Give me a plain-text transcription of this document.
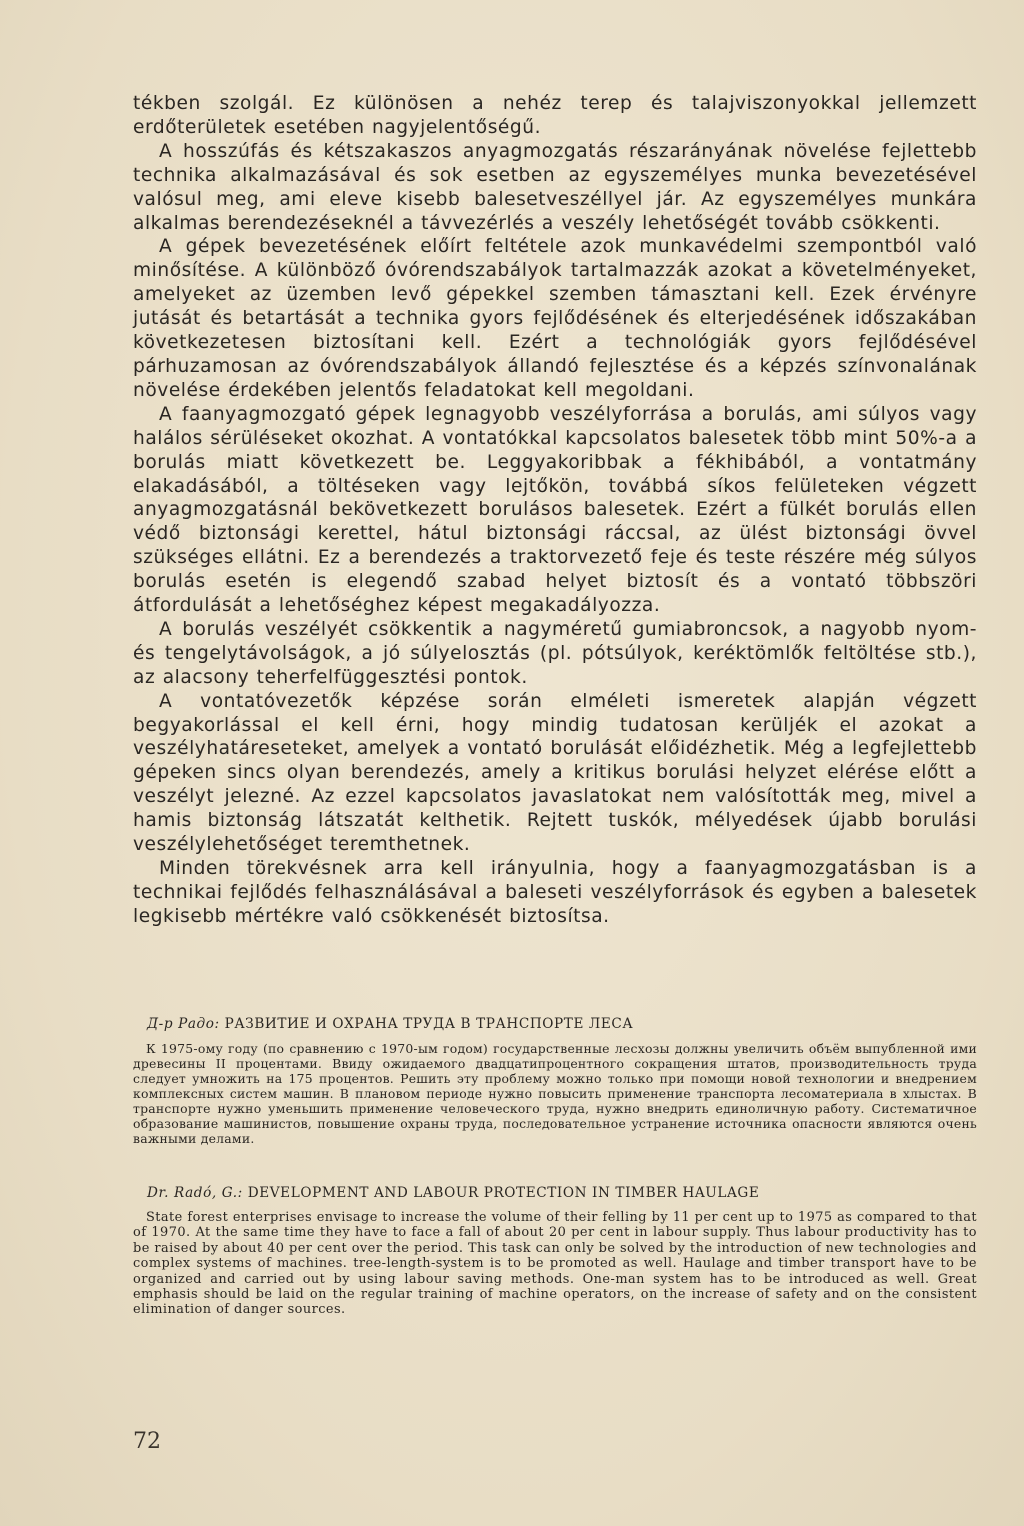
tékben szolgál. Ez különösen a nehéz terep és talajviszonyokkal jellemzett erdőterületek esetében nagyjelentőségű.

A hosszúfás és kétszakaszos anyagmozgatás részarányának növelése fejlettebb technika alkalmazásával és sok esetben az egyszemélyes munka bevezetésével valósul meg, ami eleve kisebb balesetveszéllyel jár. Az egyszemélyes munkára alkalmas berendezéseknél a távvezérlés a veszély lehetőségét tovább csökkenti.

A gépek bevezetésének előírt feltétele azok munkavédelmi szempontból való minősítése. A különböző óvórendszabályok tartalmazzák azokat a követelményeket, amelyeket az üzemben levő gépekkel szemben támasztani kell. Ezek érvényre jutását és betartását a technika gyors fejlődésének és elterjedésének időszakában következetesen biztosítani kell. Ezért a technológiák gyors fejlődésével párhuzamosan az óvórendszabályok állandó fejlesztése és a képzés színvonalának növelése érdekében jelentős feladatokat kell megoldani.

A faanyagmozgató gépek legnagyobb veszélyforrása a borulás, ami súlyos vagy halálos sérüléseket okozhat. A vontatókkal kapcsolatos balesetek több mint 50%-a a borulás miatt következett be. Leggyakoribbak a fékhibából, a vontatmány elakadásából, a töltéseken vagy lejtőkön, továbbá síkos felületeken végzett anyagmozgatásnál bekövetkezett borulásos balesetek. Ezért a fülkét borulás ellen védő biztonsági kerettel, hátul biztonsági ráccsal, az ülést biztonsági övvel szükséges ellátni. Ez a berendezés a traktorvezető feje és teste részére még súlyos borulás esetén is elegendő szabad helyet biztosít és a vontató többszöri átfordulását a lehetőséghez képest megakadályozza.

A borulás veszélyét csökkentik a nagyméretű gumiabroncsok, a nagyobb nyom- és tengelytávolságok, a jó súlyelosztás (pl. pótsúlyok, keréktömlők feltöltése stb.), az alacsony teherfelfüggesztési pontok.

A vontatóvezetők képzése során elméleti ismeretek alapján végzett begyakorlással el kell érni, hogy mindig tudatosan kerüljék el azokat a veszélyhatáreseteket, amelyek a vontató borulását előidézhetik. Még a legfejlettebb gépeken sincs olyan berendezés, amely a kritikus borulási helyzet elérése előtt a veszélyt jelezné. Az ezzel kapcsolatos javaslatokat nem valósították meg, mivel a hamis biztonság látszatát kelthetik. Rejtett tuskók, mélyedések újabb borulási veszélylehetőséget teremthetnek.

Minden törekvésnek arra kell irányulnia, hogy a faanyagmozgatásban is a technikai fejlődés felhasználásával a baleseti veszélyforrások és egyben a balesetek legkisebb mértékre való csökkenését biztosítsa.

Д-р Радо: РАЗВИТИЕ И ОХРАНА ТРУДА В ТРАНСПОРТЕ ЛЕСА

К 1975-ому году (по сравнению с 1970-ым годом) государственные лесхозы должны увеличить объём выпубленной ими древесины II процентами. Ввиду ожидаемого двадцатипроцентного сокращения штатов, производительность труда следует умножить на 175 процентов. Решить эту проблему можно только при помощи новой технологии и внедрением комплексных систем машин. В плановом периоде нужно повысить применение транспорта лесоматериала в хлыстах. В транспорте нужно уменьшить применение человеческого труда, нужно внедрить единоличную работу. Систематичное образование машинистов, повышение охраны труда, последовательное устранение источника опасности являются очень важными делами.

Dr. Radó, G.: DEVELOPMENT AND LABOUR PROTECTION IN TIMBER HAULAGE

State forest enterprises envisage to increase the volume of their felling by 11 per cent up to 1975 as compared to that of 1970. At the same time they have to face a fall of about 20 per cent in labour supply. Thus labour productivity has to be raised by about 40 per cent over the period. This task can only be solved by the introduction of new technologies and complex systems of machines. tree-length-system is to be promoted as well. Haulage and timber transport have to be organized and carried out by using labour saving methods. One-man system has to be introduced as well. Great emphasis should be laid on the regular training of machine operators, on the increase of safety and on the consistent elimination of danger sources.

72
